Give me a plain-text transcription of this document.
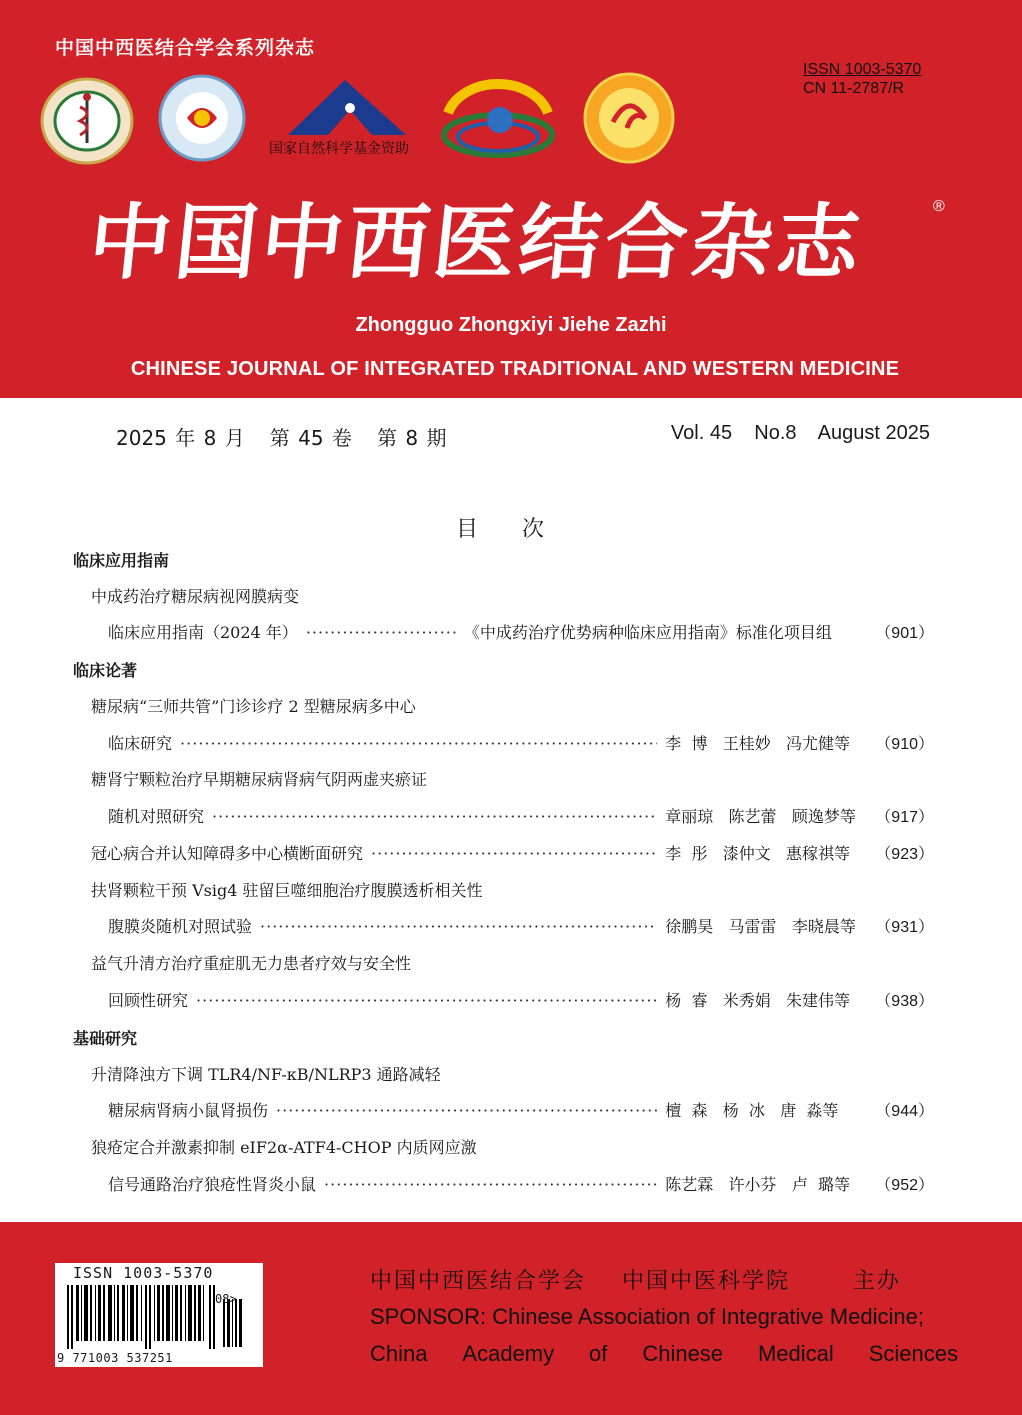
中国中西医结合学会系列杂志
ISSN 1003-5370
CN 11-2787/R
国家自然科学基金资助
中国中西医结合杂志	®
Zhongguo Zhongxiyi Jiehe Zazhi
CHINESE JOURNAL OF INTEGRATED TRADITIONAL AND WESTERN MEDICINE
2025 年 8 月   第 45 卷   第 8 期	Vol. 45    No.8    August 2025
目次
临床应用指南
中成药治疗糖尿病视网膜病变
临床应用指南（2024 年） ·····	《中成药治疗优势病种临床应用指南》标准化项目组	（901）
临床论著
糖尿病“三师共管”门诊诊疗 2 型糖尿病多中心
临床研究 ·····	李  博   王桂妙   冯尤健等	（910）
糖肾宁颗粒治疗早期糖尿病肾病气阴两虚夹瘀证
随机对照研究 ·····	章丽琼   陈艺蕾   顾逸梦等	（917）
冠心病合并认知障碍多中心横断面研究 ·····	李  彤   漆仲文   惠稼祺等	（923）
扶肾颗粒干预 Vsig4 驻留巨噬细胞治疗腹膜透析相关性
腹膜炎随机对照试验 ·····	徐鹏昊   马雷雷   李晓晨等	（931）
益气升清方治疗重症肌无力患者疗效与安全性
回顾性研究 ·····	杨  睿   米秀娟   朱建伟等	（938）
基础研究
升清降浊方下调 TLR4/NF-κB/NLRP3 通路减轻
糖尿病肾病小鼠肾损伤 ·····	檀  森   杨  冰   唐  淼等	（944）
狼疮定合并激素抑制 eIF2α-ATF4-CHOP 内质网应激
信号通路治疗狼疮性肾炎小鼠 ·····	陈艺霖   许小芬   卢  璐等	（952）
ISSN 1003-5370
08>
9 771003 537251
中国中西医结合学会    中国中医科学院       主办
SPONSOR: Chinese Association of Integrative Medicine;
China Academy of Chinese Medical Sciences
